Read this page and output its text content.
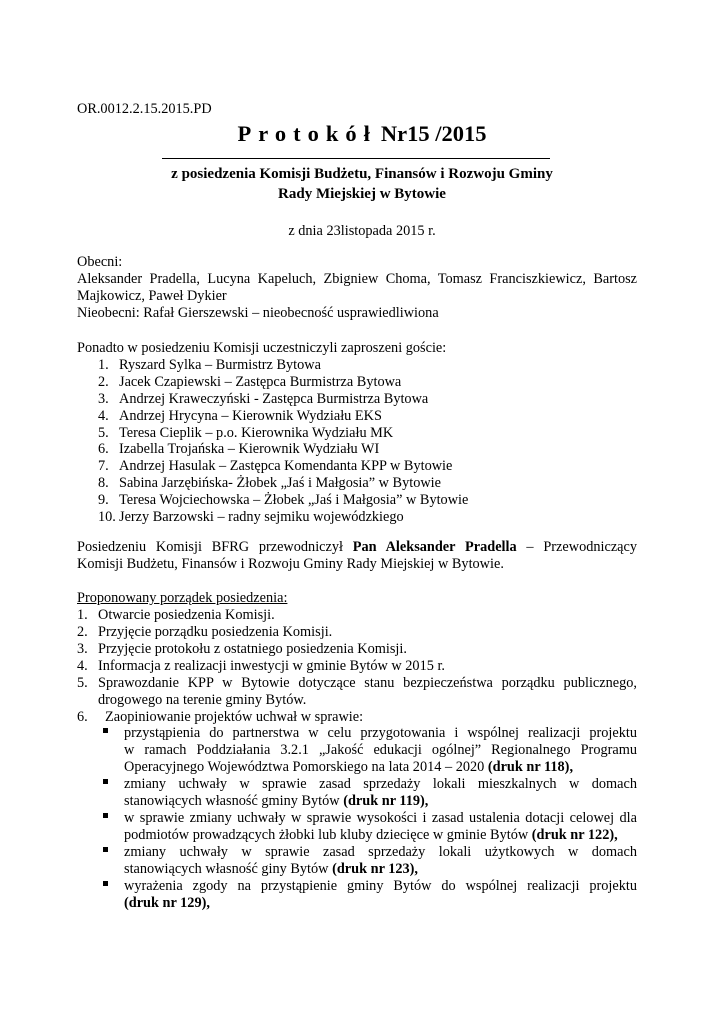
OR.0012.2.15.2015.PD
Protokół Nr15 /2015
z posiedzenia Komisji Budżetu, Finansów i Rozwoju Gminy
Rady Miejskiej w Bytowie
z dnia 23listopada 2015 r.
Obecni:
Aleksander Pradella, Lucyna Kapeluch, Zbigniew Choma, Tomasz Franciszkiewicz, Bartosz
Majkowicz, Paweł Dykier
Nieobecni: Rafał Gierszewski – nieobecność usprawiedliwiona
Ponadto w posiedzeniu Komisji uczestniczyli zaproszeni goście:
1. Ryszard Sylka – Burmistrz Bytowa
2. Jacek Czapiewski – Zastępca Burmistrza Bytowa
3. Andrzej Kraweczyński - Zastępca Burmistrza Bytowa
4. Andrzej Hrycyna – Kierownik Wydziału EKS
5. Teresa Cieplik – p.o. Kierownika Wydziału MK
6. Izabella Trojańska – Kierownik Wydziału WI
7. Andrzej Hasulak – Zastępca Komendanta KPP w Bytowie
8. Sabina Jarzębińska- Żłobek „Jaś i Małgosia” w Bytowie
9. Teresa Wojciechowska – Żłobek „Jaś i Małgosia” w Bytowie
10. Jerzy Barzowski – radny sejmiku wojewódzkiego
Posiedzeniu Komisji BFRG przewodniczył Pan Aleksander Pradella – Przewodniczący
Komisji Budżetu, Finansów i Rozwoju Gminy Rady Miejskiej w Bytowie.
Proponowany porządek posiedzenia:
1. Otwarcie posiedzenia Komisji.
2. Przyjęcie porządku posiedzenia Komisji.
3. Przyjęcie protokołu z ostatniego posiedzenia Komisji.
4. Informacja z realizacji inwestycji w gminie Bytów w 2015 r.
5. Sprawozdanie KPP w Bytowie dotyczące stanu bezpieczeństwa porządku publicznego,
drogowego na terenie gminy Bytów.
6. Zaopiniowanie projektów uchwał w sprawie:
przystąpienia do partnerstwa w celu przygotowania i wspólnej realizacji projektu
w ramach Poddziałania 3.2.1 „Jakość edukacji ogólnej” Regionalnego Programu
Operacyjnego Województwa Pomorskiego na lata 2014 – 2020 (druk nr 118),
zmiany uchwały w sprawie zasad sprzedaży lokali mieszkalnych w domach
stanowiących własność gminy Bytów (druk nr 119),
w sprawie zmiany uchwały w sprawie wysokości i zasad ustalenia dotacji celowej dla
podmiotów prowadzących żłobki lub kluby dziecięce w gminie Bytów (druk nr 122),
zmiany uchwały w sprawie zasad sprzedaży lokali użytkowych w domach
stanowiących własność giny Bytów (druk nr 123),
wyrażenia zgody na przystąpienie gminy Bytów do wspólnej realizacji projektu
(druk nr 129),
